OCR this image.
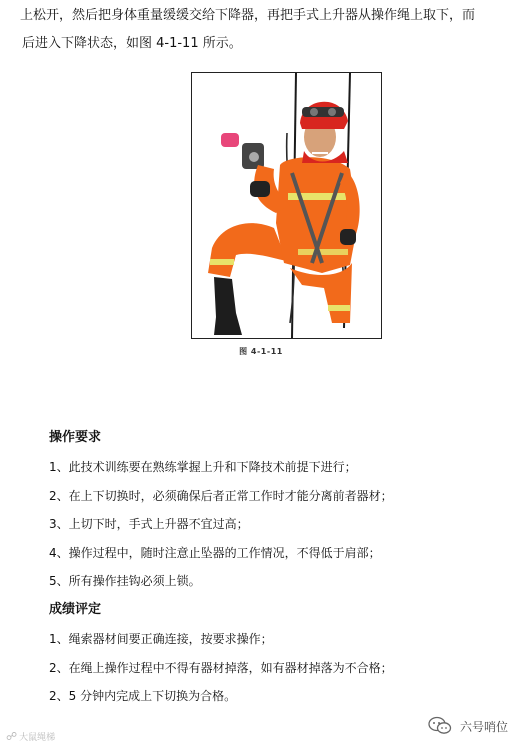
上松开，然后把身体重量缓缓交给下降器，再把手式上升器从操作绳上取下，而
后进入下降状态，如图 4-1-11 所示。
图 4-1-11
操作要求
1、此技术训练要在熟练掌握上升和下降技术前提下进行；
2、在上下切换时，必须确保后者正常工作时才能分离前者器材；
3、上切下时，手式上升器不宜过高；
4、操作过程中，随时注意止坠器的工作情况，不得低于肩部；
5、所有操作挂钩必须上锁。
成绩评定
1、绳索器材间要正确连接，按要求操作；
2、在绳上操作过程中不得有器材掉落，如有器材掉落为不合格；
2、5 分钟内完成上下切换为合格。
☍ 大鼠绳梯
六号哨位
